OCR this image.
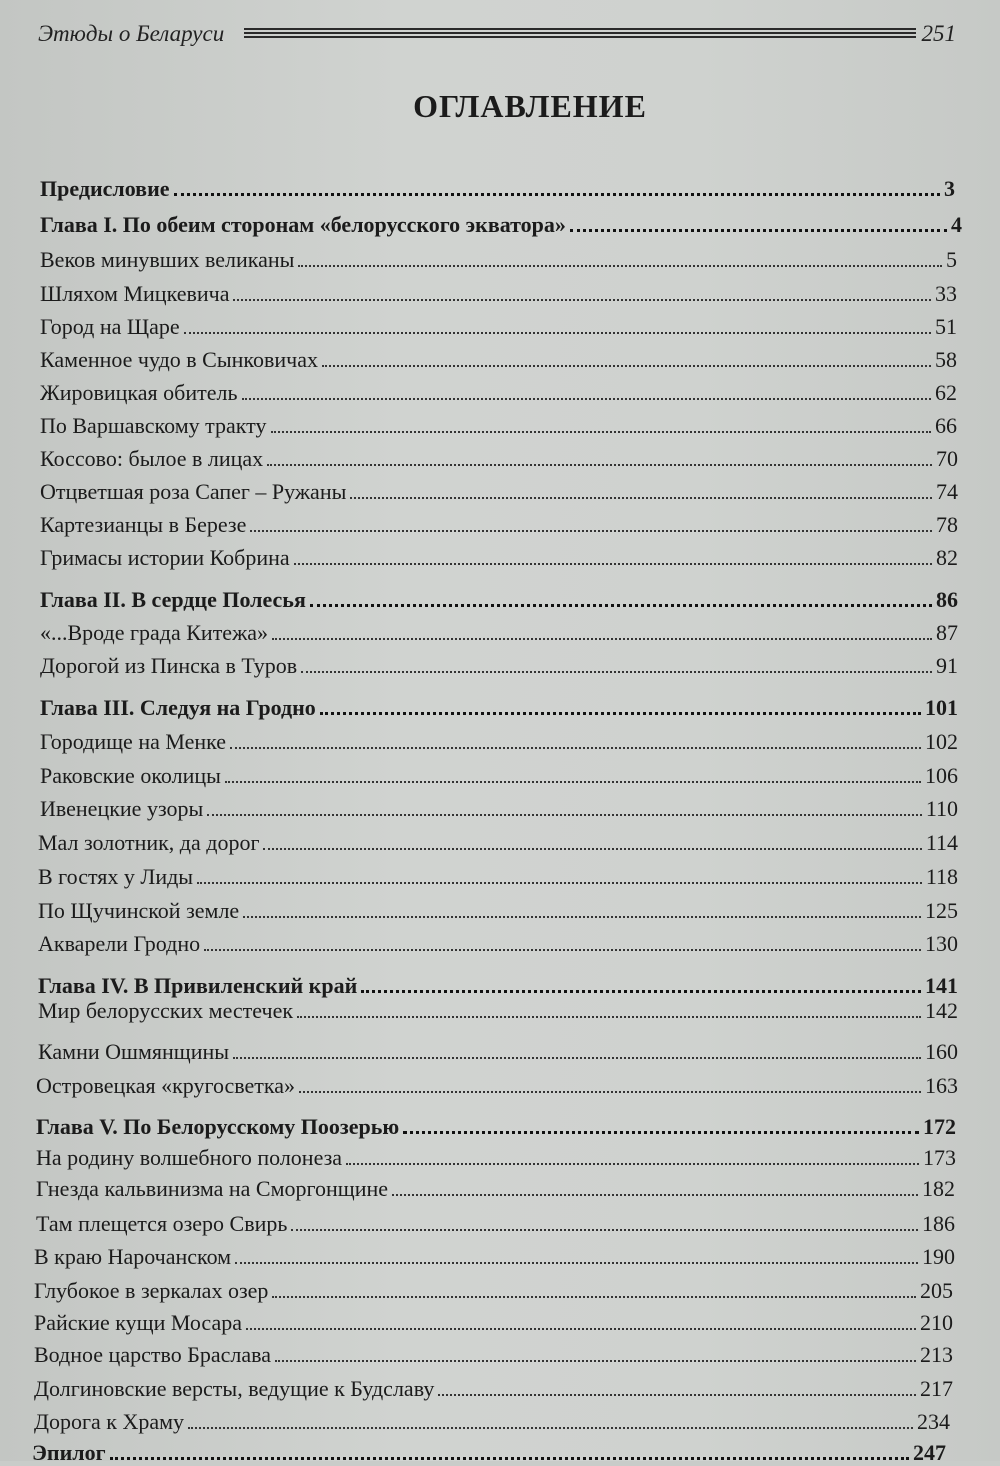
Этюды о Беларуси	251
ОГЛАВЛЕНИЕ
Предисловие	3
Глава I. По обеим сторонам «белорусского экватора»	4
Веков минувших великаны	5
Шляхом Мицкевича	33
Город на Щаре	51
Каменное чудо в Сынковичах	58
Жировицкая обитель	62
По Варшавскому тракту	66
Коссово: былое в лицах	70
Отцветшая роза Сапег – Ружаны	74
Картезианцы в Березе	78
Гримасы истории Кобрина	82
Глава II. В сердце Полесья	86
«...Вроде града Китежа»	87
Дорогой из Пинска в Туров	91
Глава III. Следуя на Гродно	101
Городище на Менке	102
Раковские околицы	106
Ивенецкие узоры	110
Мал золотник, да дорог	114
В гостях у Лиды	118
По Щучинской земле	125
Акварели Гродно	130
Глава IV. В Привиленский край	141
Мир белорусских местечек	142
Камни Ошмянщины	160
Островецкая «кругосветка»	163
Глава V. По Белорусскому Поозерью	172
На родину волшебного полонеза	173
Гнезда кальвинизма на Сморгонщине	182
Там плещется озеро Свирь	186
В краю Нарочанском	190
Глубокое в зеркалах озер	205
Райские кущи Мосара	210
Водное царство Браслава	213
Долгиновские версты, ведущие к Будславу	217
Дорога к Храму	234
Эпилог	247
